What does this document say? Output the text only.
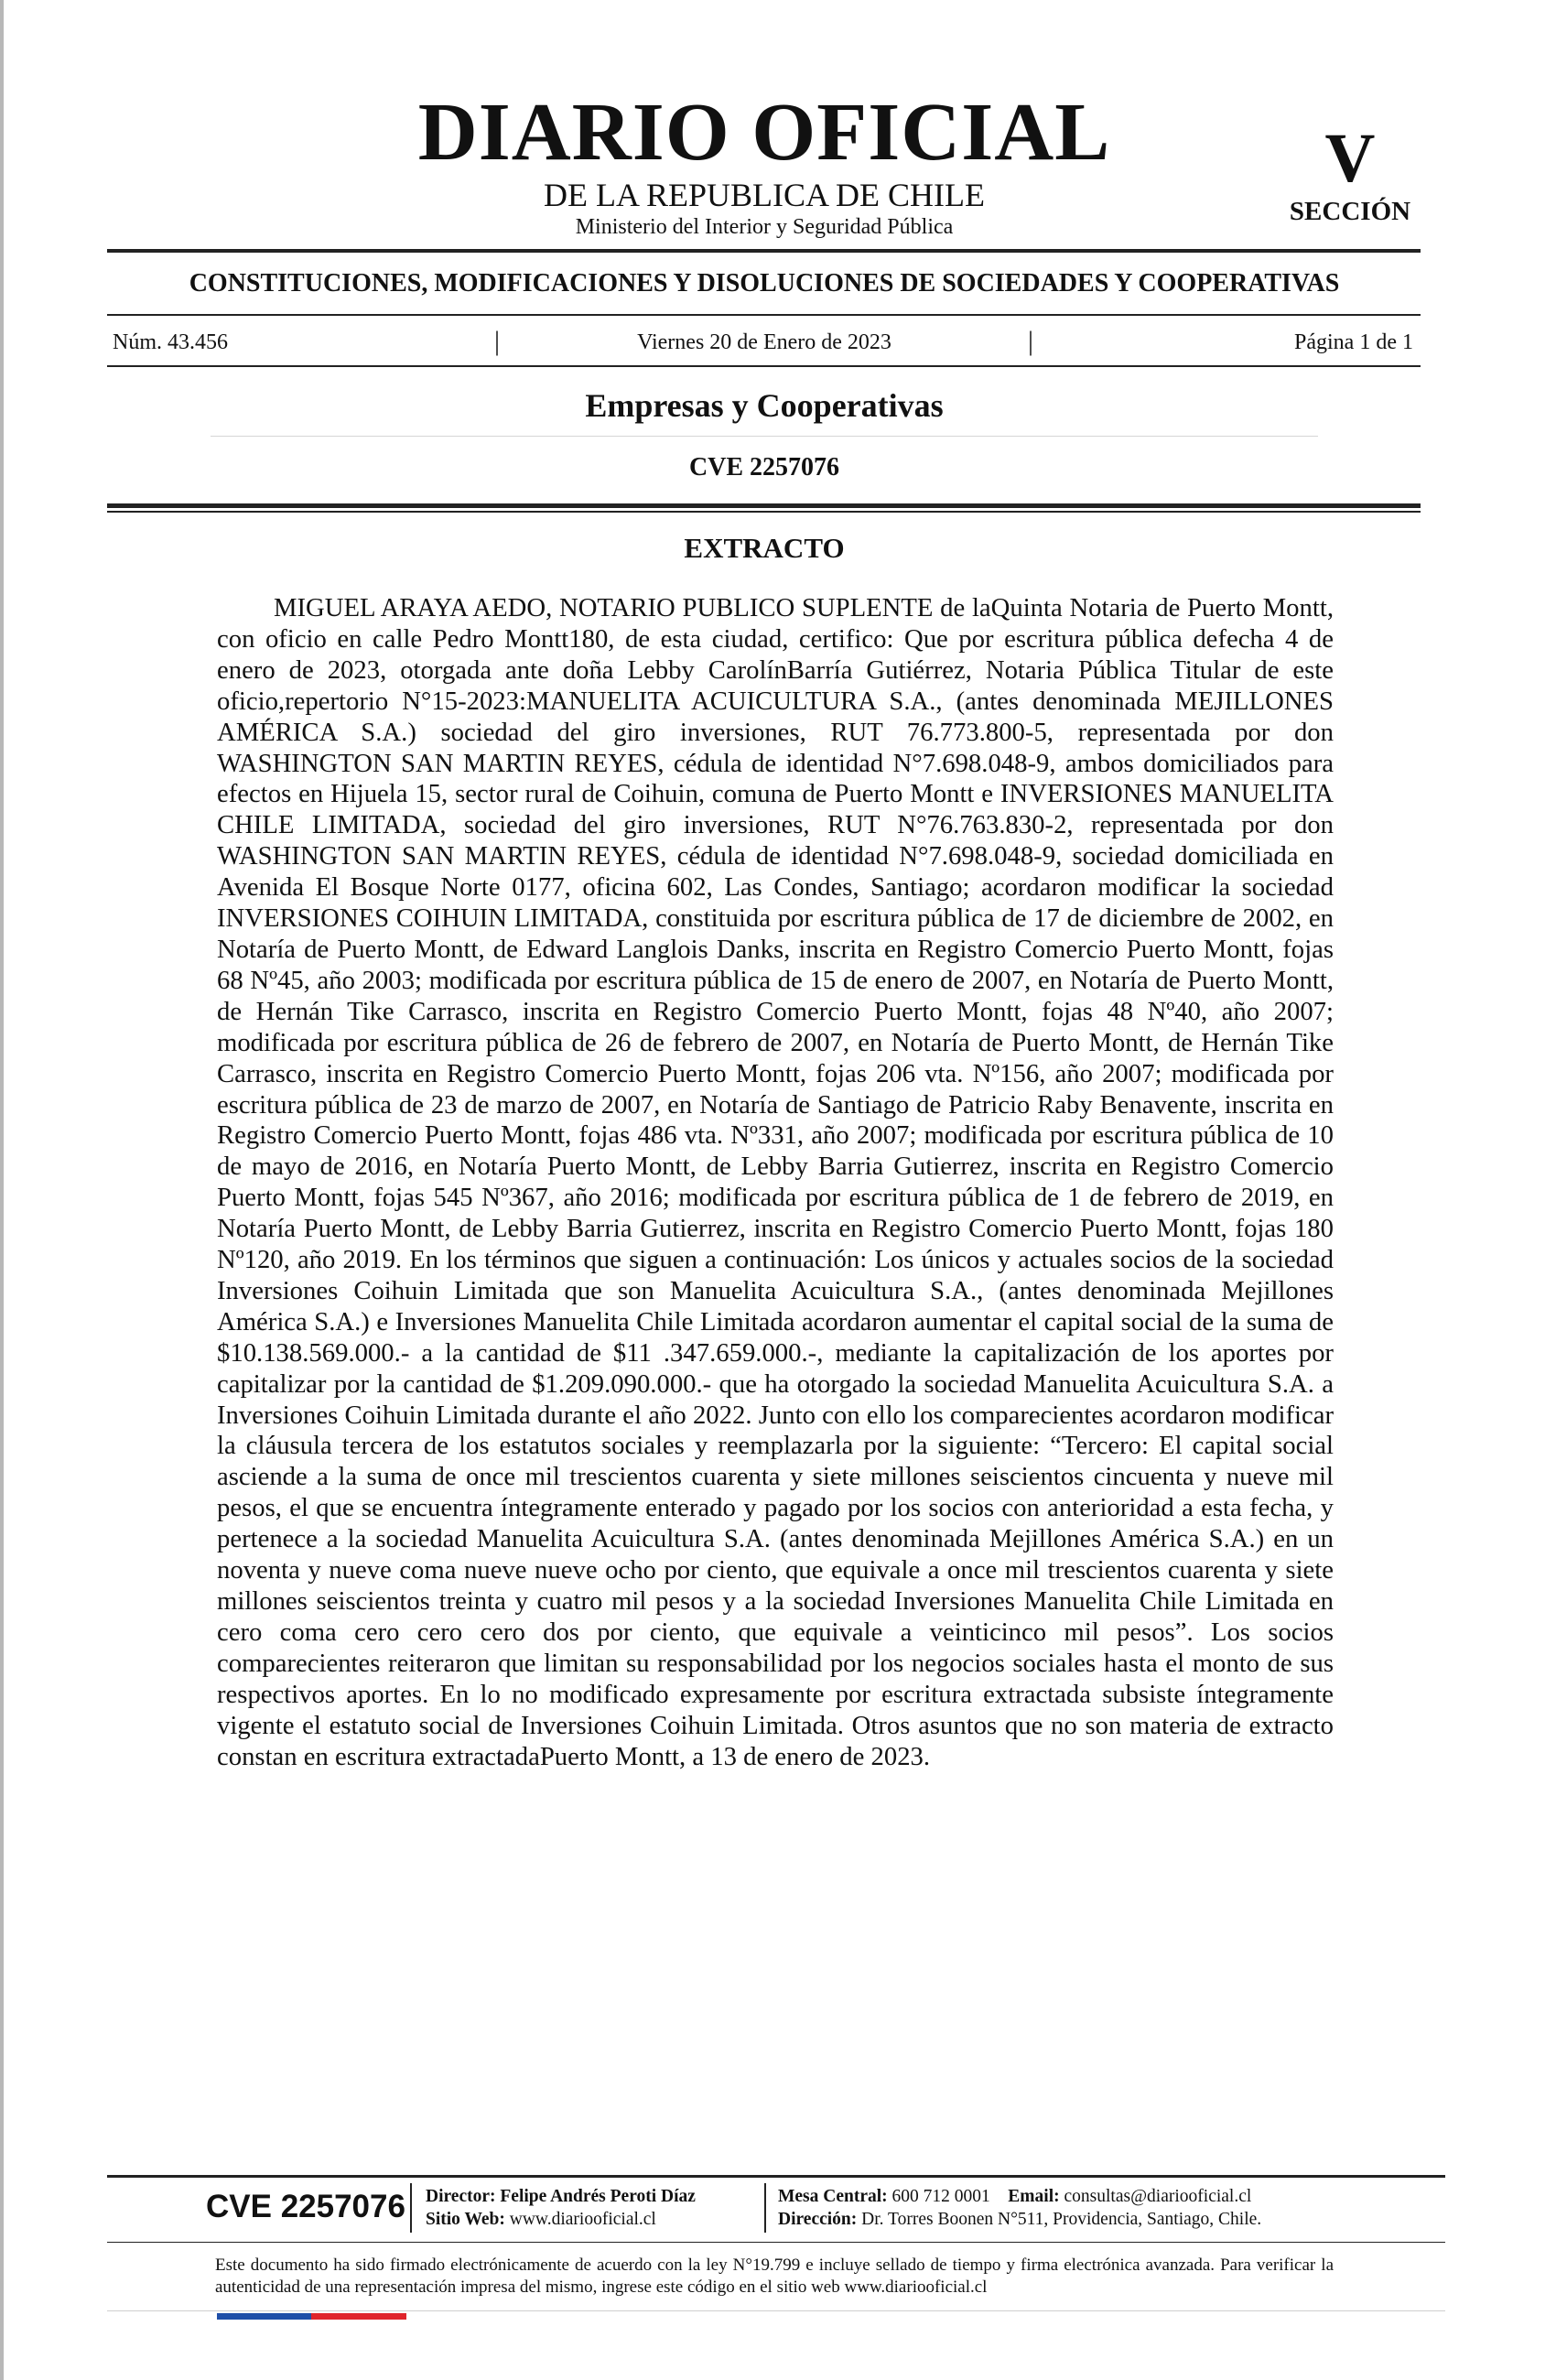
DIARIO OFICIAL
DE LA REPUBLICA DE CHILE
Ministerio del Interior y Seguridad Pública
V
SECCIÓN
CONSTITUCIONES, MODIFICACIONES Y DISOLUCIONES DE SOCIEDADES Y COOPERATIVAS
Núm. 43.456	|	Viernes 20 de Enero de 2023	|	Página 1 de 1
Empresas y Cooperativas
CVE 2257076
EXTRACTO

MIGUEL ARAYA AEDO, NOTARIO PUBLICO SUPLENTE de laQuinta Notaria de Puerto Montt, con oficio en calle Pedro Montt180, de esta ciudad, certifico: Que por escritura pública defecha 4 de enero de 2023, otorgada ante doña Lebby CarolínBarría Gutiérrez, Notaria Pública Titular de este oficio,repertorio N°15-2023:MANUELITA ACUICULTURA S.A., (antes denominada MEJILLONES AMÉRICA S.A.) sociedad del giro inversiones, RUT 76.773.800-5, representada por don WASHINGTON SAN MARTIN REYES, cédula de identidad N°7.698.048-9, ambos domiciliados para efectos en Hijuela 15, sector rural de Coihuin, comuna de Puerto Montt e INVERSIONES MANUELITA CHILE LIMITADA, sociedad del giro inversiones, RUT N°76.763.830-2, representada por don WASHINGTON SAN MARTIN REYES, cédula de identidad N°7.698.048-9, sociedad domiciliada en Avenida El Bosque Norte 0177, oficina 602, Las Condes, Santiago; acordaron modificar la sociedad INVERSIONES COIHUIN LIMITADA, constituida por escritura pública de 17 de diciembre de 2002, en Notaría de Puerto Montt, de Edward Langlois Danks, inscrita en Registro Comercio Puerto Montt, fojas 68 Nº45, año 2003; modificada por escritura pública de 15 de enero de 2007, en Notaría de Puerto Montt, de Hernán Tike Carrasco, inscrita en Registro Comercio Puerto Montt, fojas 48 Nº40, año 2007; modificada por escritura pública de 26 de febrero de 2007, en Notaría de Puerto Montt, de Hernán Tike Carrasco, inscrita en Registro Comercio Puerto Montt, fojas 206 vta. Nº156, año 2007; modificada por escritura pública de 23 de marzo de 2007, en Notaría de Santiago de Patricio Raby Benavente, inscrita en Registro Comercio Puerto Montt, fojas 486 vta. Nº331, año 2007; modificada por escritura pública de 10 de mayo de 2016, en Notaría Puerto Montt, de Lebby Barria Gutierrez, inscrita en Registro Comercio Puerto Montt, fojas 545 Nº367, año 2016; modificada por escritura pública de 1 de febrero de 2019, en Notaría Puerto Montt, de Lebby Barria Gutierrez, inscrita en Registro Comercio Puerto Montt, fojas 180 Nº120, año 2019. En los términos que siguen a continuación: Los únicos y actuales socios de la sociedad Inversiones Coihuin Limitada que son Manuelita Acuicultura S.A., (antes denominada Mejillones América S.A.) e Inversiones Manuelita Chile Limitada acordaron aumentar el capital social de la suma de $10.138.569.000.- a la cantidad de $11 .347.659.000.-, mediante la capitalización de los aportes por capitalizar por la cantidad de $1.209.090.000.- que ha otorgado la sociedad Manuelita Acuicultura S.A. a Inversiones Coihuin Limitada durante el año 2022. Junto con ello los comparecientes acordaron modificar la cláusula tercera de los estatutos sociales y reemplazarla por la siguiente: “Tercero: El capital social asciende a la suma de once mil trescientos cuarenta y siete millones seiscientos cincuenta y nueve mil pesos, el que se encuentra íntegramente enterado y pagado por los socios con anterioridad a esta fecha, y pertenece a la sociedad Manuelita Acuicultura S.A. (antes denominada Mejillones América S.A.) en un noventa y nueve coma nueve nueve ocho por ciento, que equivale a once mil trescientos cuarenta y siete millones seiscientos treinta y cuatro mil pesos y a la sociedad Inversiones Manuelita Chile Limitada en cero coma cero cero cero dos por ciento, que equivale a veinticinco mil pesos”. Los socios comparecientes reiteraron que limitan su responsabilidad por los negocios sociales hasta el monto de sus respectivos aportes. En lo no modificado expresamente por escritura extractada subsiste íntegramente vigente el estatuto social de Inversiones Coihuin Limitada. Otros asuntos que no son materia de extracto constan en escritura extractadaPuerto Montt, a 13 de enero de 2023.

CVE 2257076 Director: Felipe Andrés Peroti Díaz
Sitio Web: www.diariooficial.cl
Mesa Central: 600 712 0001 Email: consultas@diariooficial.cl
Dirección: Dr. Torres Boonen N°511, Providencia, Santiago, Chile.
Este documento ha sido firmado electrónicamente de acuerdo con la ley N°19.799 e incluye sellado de tiempo y firma electrónica avanzada. Para verificar la autenticidad de una representación impresa del mismo, ingrese este código en el sitio web www.diariooficial.cl
